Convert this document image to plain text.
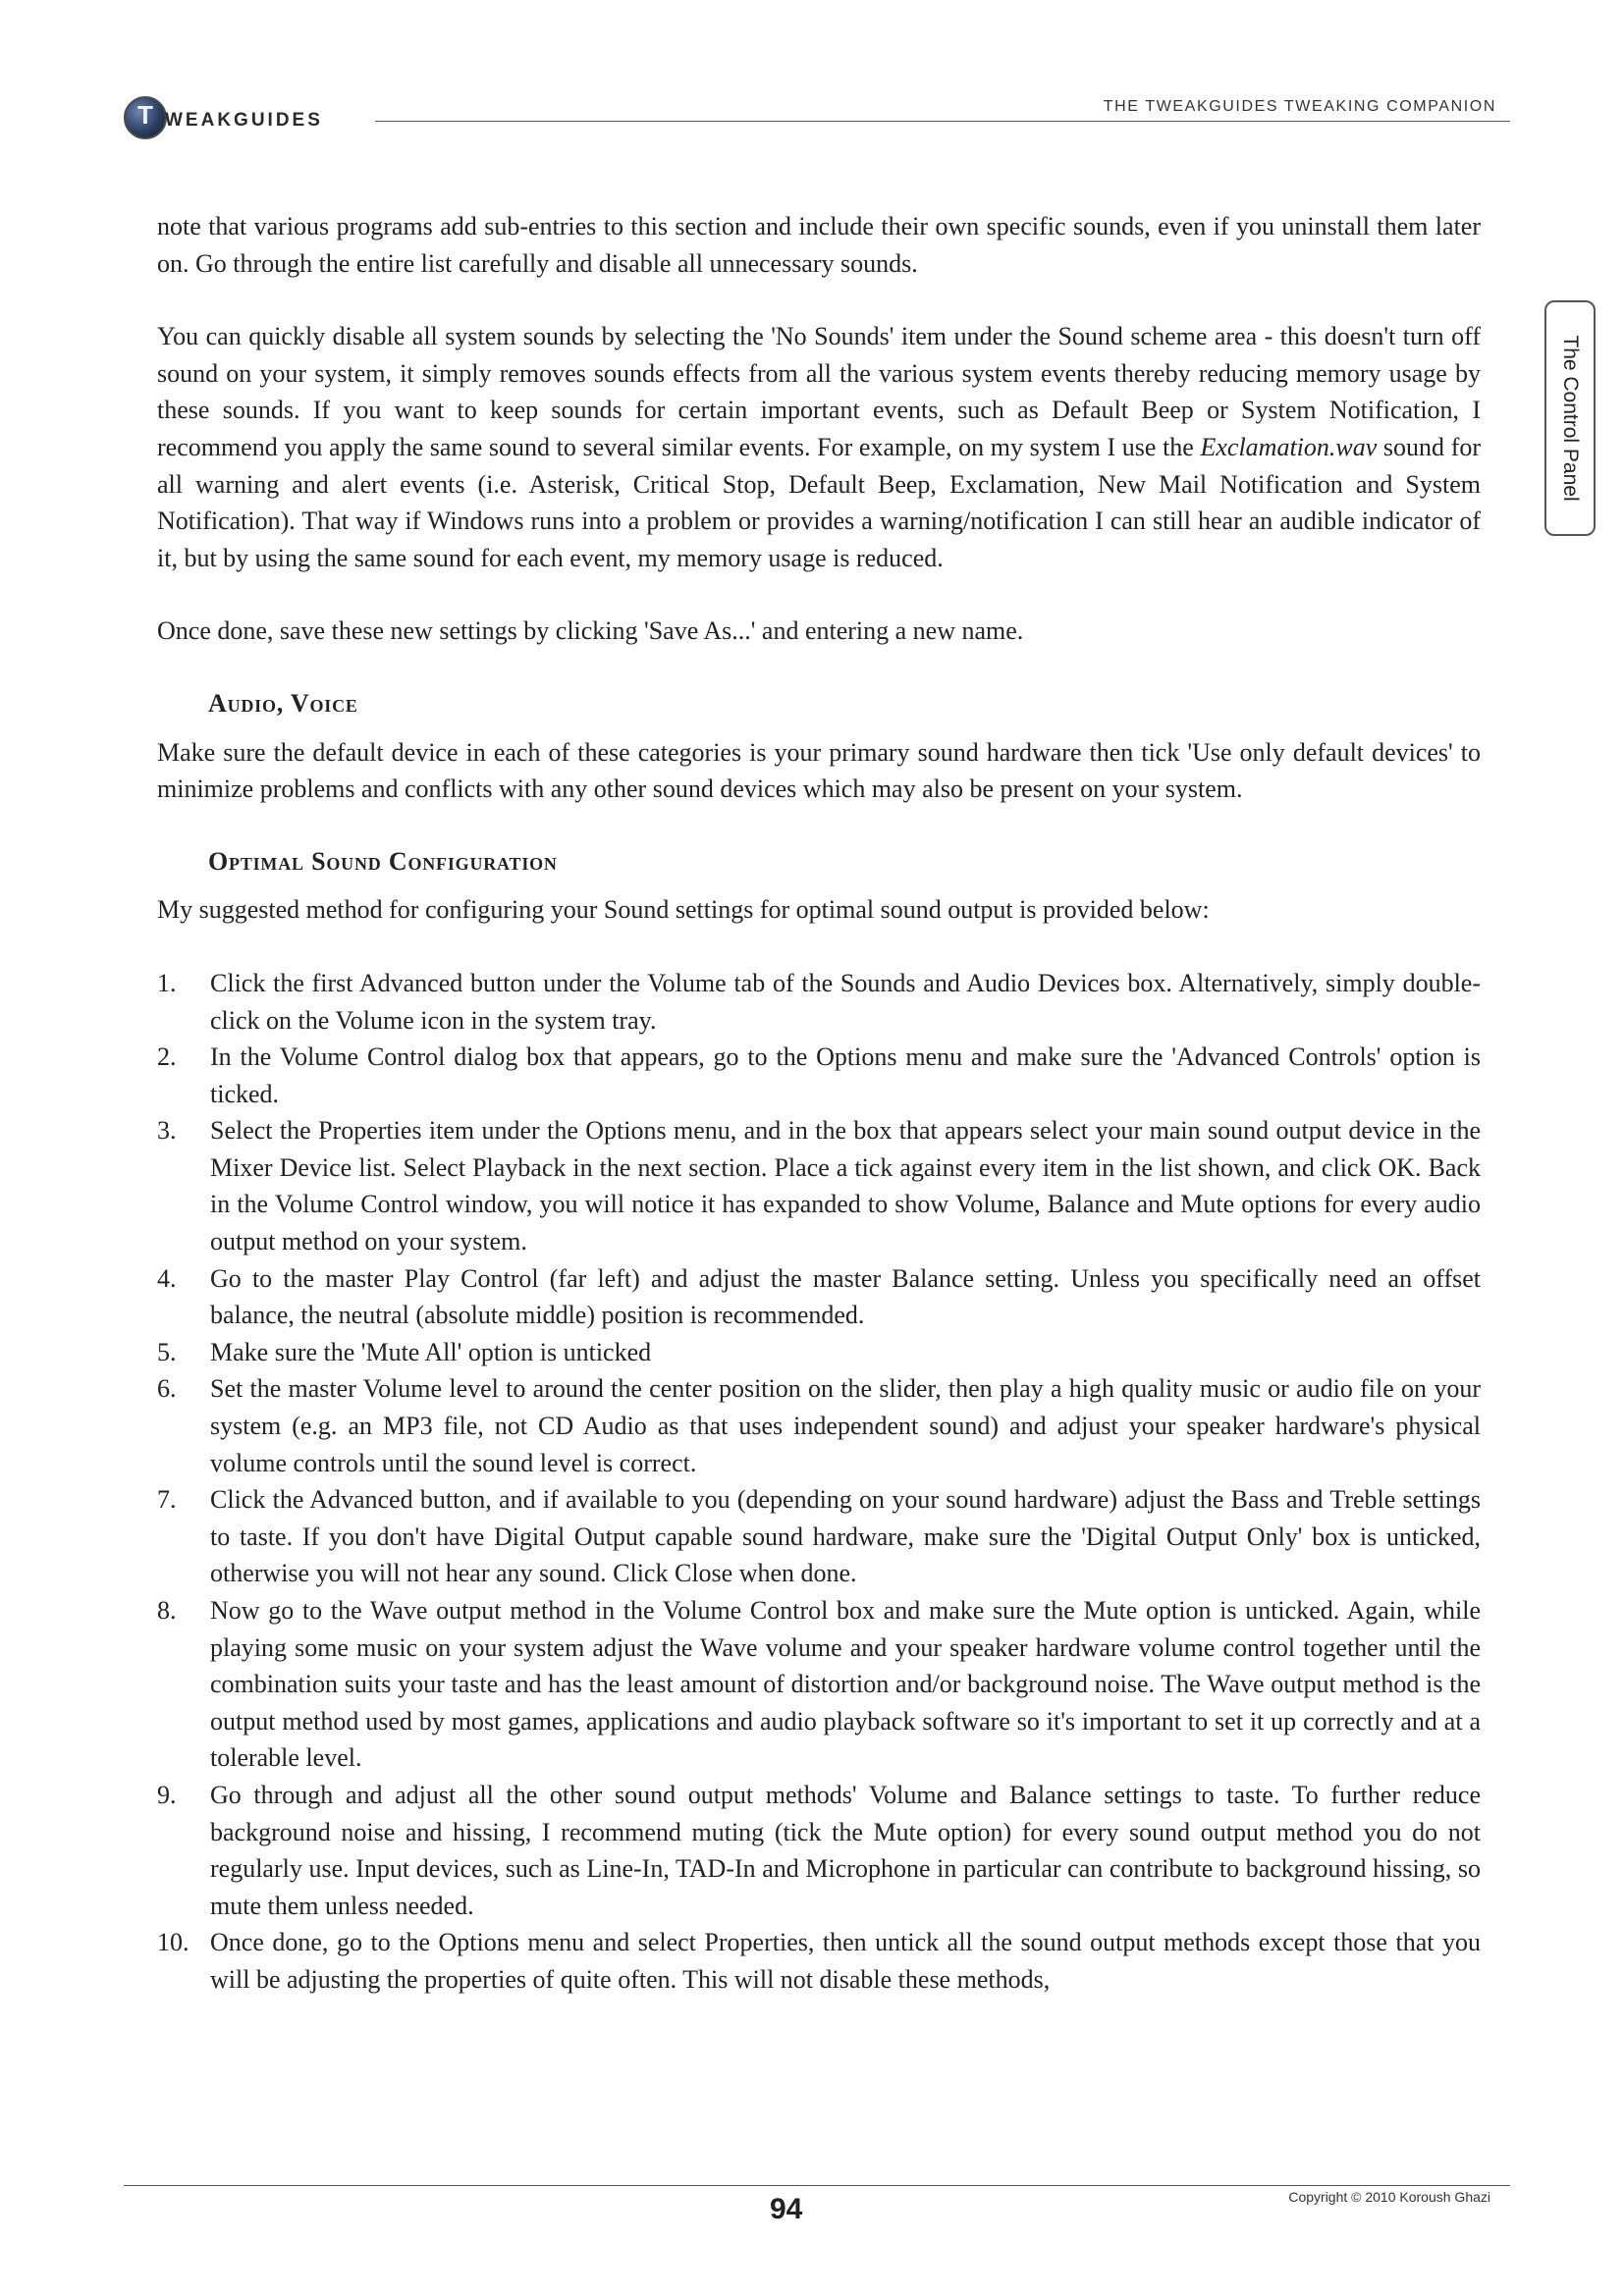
T WEAKGUIDES
THE TWEAKGUIDES TWEAKING COMPANION
The Control Panel

note that various programs add sub-entries to this section and include their own specific sounds, even if you uninstall them later on. Go through the entire list carefully and disable all unnecessary sounds.

You can quickly disable all system sounds by selecting the 'No Sounds' item under the Sound scheme area - this doesn't turn off sound on your system, it simply removes sounds effects from all the various system events thereby reducing memory usage by these sounds. If you want to keep sounds for certain important events, such as Default Beep or System Notification, I recommend you apply the same sound to several similar events. For example, on my system I use the Exclamation.wav sound for all warning and alert events (i.e. Asterisk, Critical Stop, Default Beep, Exclamation, New Mail Notification and System Notification). That way if Windows runs into a problem or provides a warning/notification I can still hear an audible indicator of it, but by using the same sound for each event, my memory usage is reduced.

Once done, save these new settings by clicking 'Save As...' and entering a new name.

Audio, Voice

Make sure the default device in each of these categories is your primary sound hardware then tick 'Use only default devices' to minimize problems and conflicts with any other sound devices which may also be present on your system.

Optimal Sound Configuration

My suggested method for configuring your Sound settings for optimal sound output is provided below:

1. Click the first Advanced button under the Volume tab of the Sounds and Audio Devices box. Alternatively, simply double-click on the Volume icon in the system tray.
2. In the Volume Control dialog box that appears, go to the Options menu and make sure the 'Advanced Controls' option is ticked.
3. Select the Properties item under the Options menu, and in the box that appears select your main sound output device in the Mixer Device list. Select Playback in the next section. Place a tick against every item in the list shown, and click OK. Back in the Volume Control window, you will notice it has expanded to show Volume, Balance and Mute options for every audio output method on your system.
4. Go to the master Play Control (far left) and adjust the master Balance setting. Unless you specifically need an offset balance, the neutral (absolute middle) position is recommended.
5. Make sure the 'Mute All' option is unticked
6. Set the master Volume level to around the center position on the slider, then play a high quality music or audio file on your system (e.g. an MP3 file, not CD Audio as that uses independent sound) and adjust your speaker hardware's physical volume controls until the sound level is correct.
7. Click the Advanced button, and if available to you (depending on your sound hardware) adjust the Bass and Treble settings to taste. If you don't have Digital Output capable sound hardware, make sure the 'Digital Output Only' box is unticked, otherwise you will not hear any sound. Click Close when done.
8. Now go to the Wave output method in the Volume Control box and make sure the Mute option is unticked. Again, while playing some music on your system adjust the Wave volume and your speaker hardware volume control together until the combination suits your taste and has the least amount of distortion and/or background noise. The Wave output method is the output method used by most games, applications and audio playback software so it's important to set it up correctly and at a tolerable level.
9. Go through and adjust all the other sound output methods' Volume and Balance settings to taste. To further reduce background noise and hissing, I recommend muting (tick the Mute option) for every sound output method you do not regularly use. Input devices, such as Line-In, TAD-In and Microphone in particular can contribute to background hissing, so mute them unless needed.
10. Once done, go to the Options menu and select Properties, then untick all the sound output methods except those that you will be adjusting the properties of quite often. This will not disable these methods,
94	Copyright © 2010 Koroush Ghazi
